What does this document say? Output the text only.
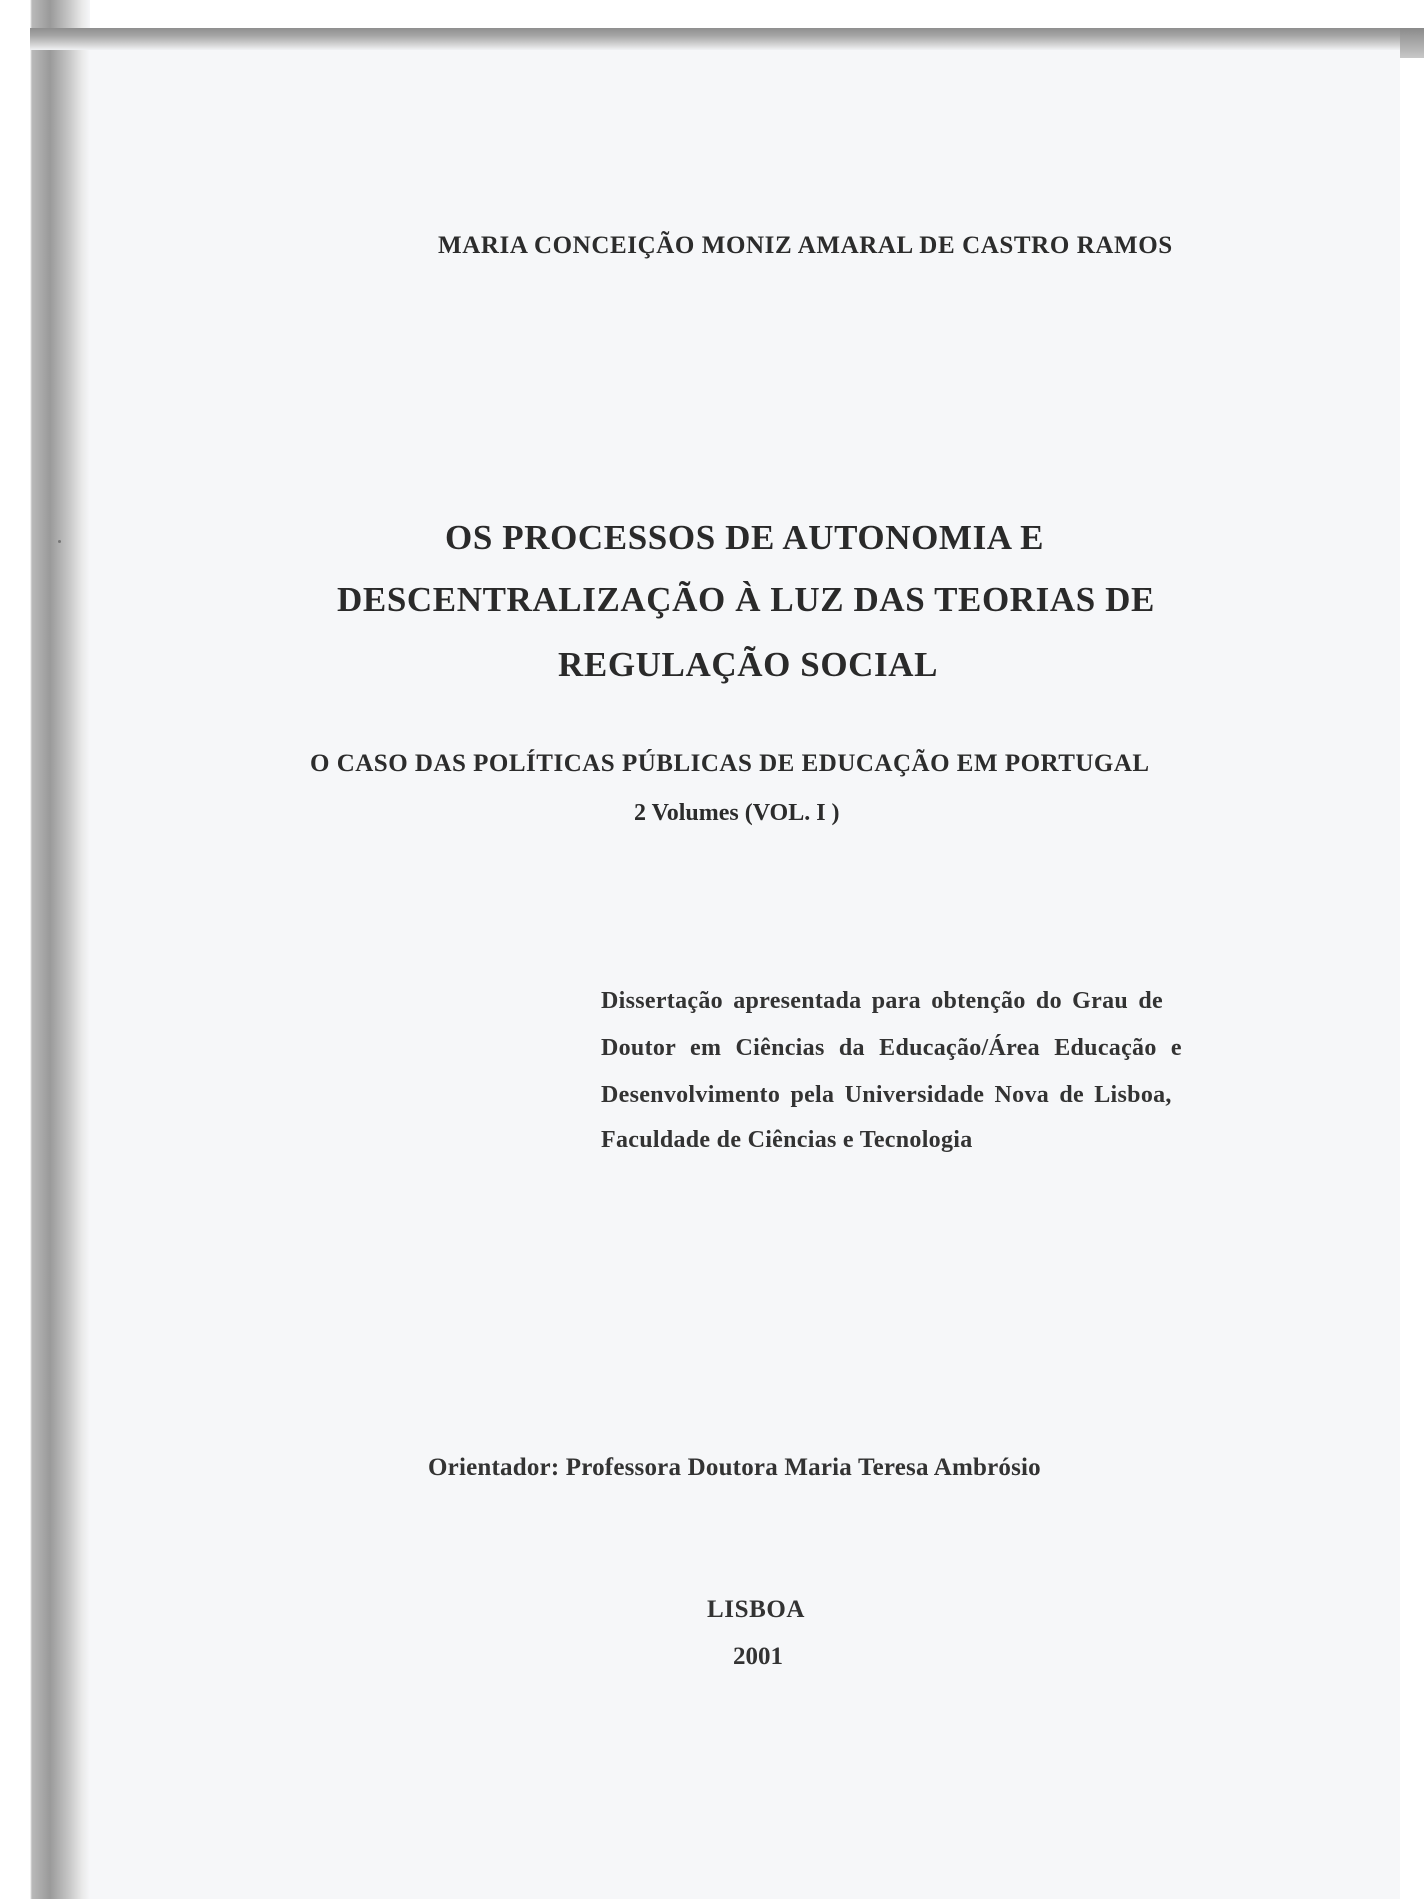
MARIA CONCEIÇÃO MONIZ AMARAL DE CASTRO RAMOS
OS PROCESSOS DE AUTONOMIA E
DESCENTRALIZAÇÃO À LUZ DAS TEORIAS DE
REGULAÇÃO SOCIAL
O CASO DAS POLÍTICAS PÚBLICAS DE EDUCAÇÃO EM PORTUGAL
2 Volumes (VOL. I )
Dissertação apresentada para obtenção do Grau de
Doutor em Ciências da Educação/Área Educação e
Desenvolvimento pela Universidade Nova de Lisboa,
Faculdade de Ciências e Tecnologia
Orientador: Professora Doutora Maria Teresa Ambrósio
LISBOA
2001
